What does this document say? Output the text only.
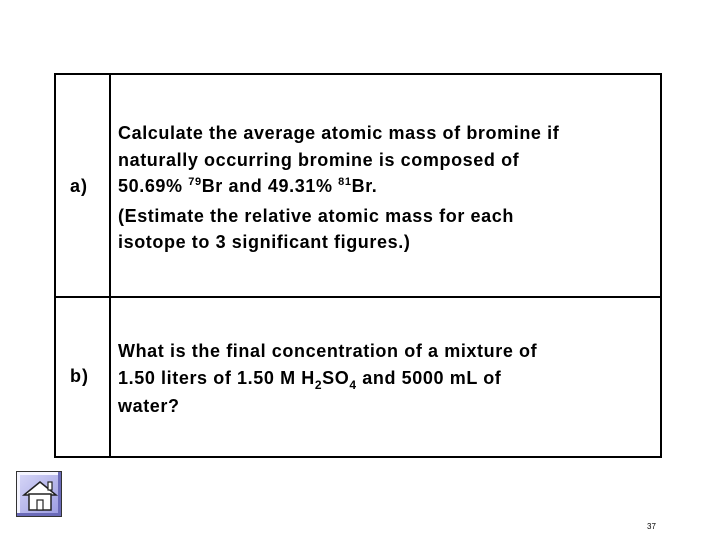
a)
Calculate the average atomic mass of bromine if
naturally occurring bromine is composed of
50.69% $^{79}$Br and 49.31% $^{81}$Br.
(Estimate the relative atomic mass for each
isotope to 3 significant figures.)
b)
What is the final concentration of a mixture of
1.50 liters of 1.50 M $H_2SO_4$ and 5000 mL of
water?
37
